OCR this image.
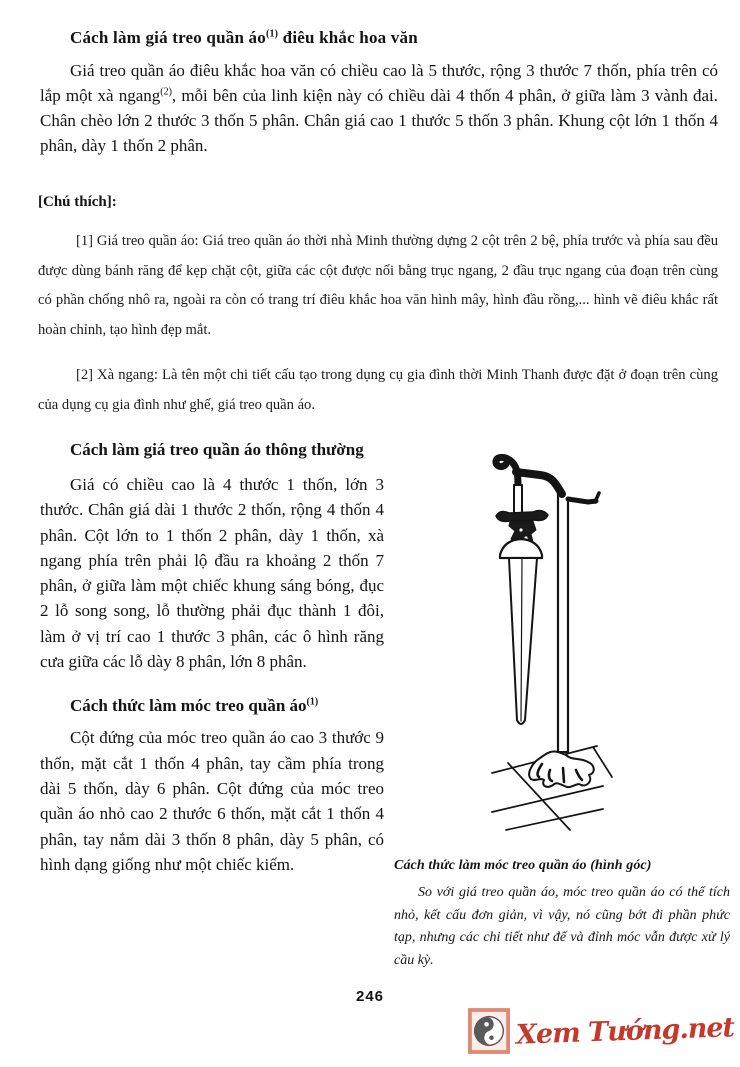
Cách làm giá treo quần $áo^{(1)}$ điêu khắc hoa văn

Giá treo quần áo điêu khắc hoa văn có chiều cao là 5 thước, rộng 3 thước 7 thốn, phía trên có lắp một xà ngang$^{(2)}$, mỗi bên của linh kiện này có chiều dài 4 thốn 4 phân, ở giữa làm 3 vành đai. Chân chèo lớn 2 thước 3 thốn 5 phân. Chân giá cao 1 thước 5 thốn 3 phân. Khung cột lớn 1 thốn 4 phân, dày 1 thốn 2 phân.

[Chú thích]:

[1] Giá treo quần áo: Giá treo quần áo thời nhà Minh thường dựng 2 cột trên 2 bệ, phía trước và phía sau đều được dùng bánh răng để kẹp chặt cột, giữa các cột được nối bằng trục ngang, 2 đầu trục ngang của đoạn trên cùng có phần chống nhô ra, ngoài ra còn có trang trí điêu khắc hoa văn hình mây, hình đầu rồng,... hình vẽ điêu khắc rất hoàn chỉnh, tạo hình đẹp mắt.

[2] Xà ngang: Là tên một chi tiết cấu tạo trong dụng cụ gia đình thời Minh Thanh được đặt ở đoạn trên cùng của dụng cụ gia đình như ghế, giá treo quần áo.

Cách làm giá treo quần áo thông thường

Giá có chiều cao là 4 thước 1 thốn, lớn 3 thước. Chân giá dài 1 thước 2 thốn, rộng 4 thốn 4 phân. Cột lớn to 1 thốn 2 phân, dày 1 thốn, xà ngang phía trên phải lộ đầu ra khoảng 2 thốn 7 phân, ở giữa làm một chiếc khung sáng bóng, đục 2 lỗ song song, lỗ thường phải đục thành 1 đôi, làm ở vị trí cao 1 thước 3 phân, các ô hình răng cưa giữa các lỗ dày 8 phân, lớn 8 phân.

Cách thức làm móc treo quần $áo^{(1)}$

Cột đứng của móc treo quần áo cao 3 thước 9 thốn, mặt cắt 1 thốn 4 phân, tay cầm phía trong dài 5 thốn, dày 6 phân. Cột đứng của móc treo quần áo nhỏ cao 2 thước 6 thốn, mặt cắt 1 thốn 4 phân, tay nắm dài 3 thốn 8 phân, dày 5 phân, có hình dạng giống như một chiếc kiếm.	Cách thức làm móc treo quần áo (hình góc)

So với giá treo quần áo, móc treo quần áo có thể tích nhỏ, kết cấu đơn giản, vì vậy, nó cũng bớt đi phần phức tạp, nhưng các chi tiết như đế và đỉnh móc vẫn được xử lý cầu kỳ.

246
Xem Tướng.net
